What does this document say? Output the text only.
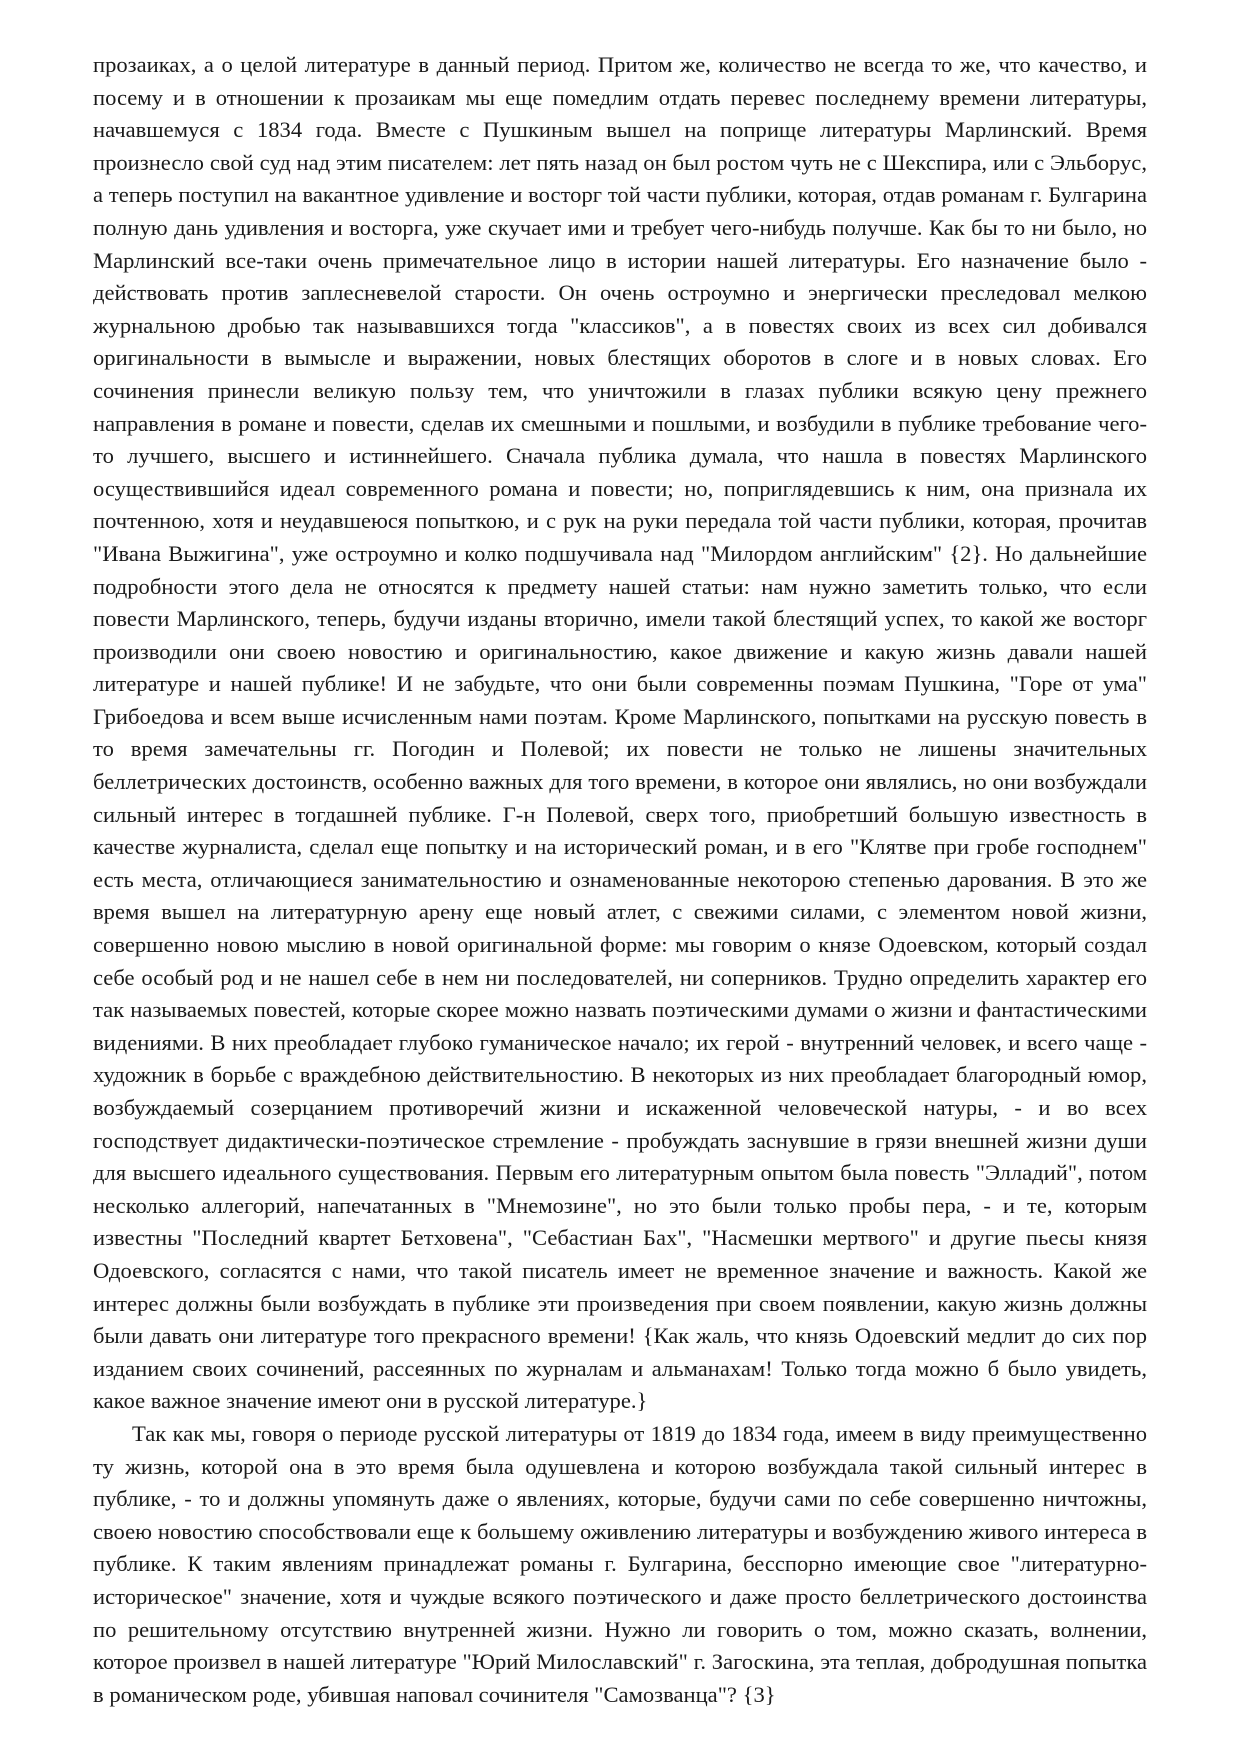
прозаиках, а о целой литературе в данный период. Притом же, количество не всегда то же, что качество, и посему и в отношении к прозаикам мы еще помедлим отдать перевес последнему времени литературы, начавшемуся с 1834 года. Вместе с Пушкиным вышел на поприще литературы Марлинский. Время произнесло свой суд над этим писателем: лет пять назад он был ростом чуть не с Шекспира, или с Эльборус, а теперь поступил на вакантное удивление и восторг той части публики, которая, отдав романам г. Булгарина полную дань удивления и восторга, уже скучает ими и требует чего-нибудь получше. Как бы то ни было, но Марлинский все-таки очень примечательное лицо в истории нашей литературы. Его назначение было - действовать против заплесневелой старости. Он очень остроумно и энергически преследовал мелкою журнальною дробью так называвшихся тогда "классиков", а в повестях своих из всех сил добивался оригинальности в вымысле и выражении, новых блестящих оборотов в слоге и в новых словах. Его сочинения принесли великую пользу тем, что уничтожили в глазах публики всякую цену прежнего направления в романе и повести, сделав их смешными и пошлыми, и возбудили в публике требование чего-то лучшего, высшего и истиннейшего. Сначала публика думала, что нашла в повестях Марлинского осуществившийся идеал современного романа и повести; но, поприглядевшись к ним, она признала их почтенною, хотя и неудавшеюся попыткою, и с рук на руки передала той части публики, которая, прочитав "Ивана Выжигина", уже остроумно и колко подшучивала над "Милордом английским" {2}. Но дальнейшие подробности этого дела не относятся к предмету нашей статьи: нам нужно заметить только, что если повести Марлинского, теперь, будучи изданы вторично, имели такой блестящий успех, то какой же восторг производили они своею новостию и оригинальностию, какое движение и какую жизнь давали нашей литературе и нашей публике! И не забудьте, что они были современны поэмам Пушкина, "Горе от ума" Грибоедова и всем выше исчисленным нами поэтам. Кроме Марлинского, попытками на русскую повесть в то время замечательны гг. Погодин и Полевой; их повести не только не лишены значительных беллетрических достоинств, особенно важных для того времени, в которое они являлись, но они возбуждали сильный интерес в тогдашней публике. Г-н Полевой, сверх того, приобретший большую известность в качестве журналиста, сделал еще попытку и на исторический роман, и в его "Клятве при гробе господнем" есть места, отличающиеся занимательностию и ознаменованные некоторою степенью дарования. В это же время вышел на литературную арену еще новый атлет, с свежими силами, с элементом новой жизни, совершенно новою мыслию в новой оригинальной форме: мы говорим о князе Одоевском, который создал себе особый род и не нашел себе в нем ни последователей, ни соперников. Трудно определить характер его так называемых повестей, которые скорее можно назвать поэтическими думами о жизни и фантастическими видениями. В них преобладает глубоко гуманическое начало; их герой - внутренний человек, и всего чаще - художник в борьбе с враждебною действительностию. В некоторых из них преобладает благородный юмор, возбуждаемый созерцанием противоречий жизни и искаженной человеческой натуры, - и во всех господствует дидактически-поэтическое стремление - пробуждать заснувшие в грязи внешней жизни души для высшего идеального существования. Первым его литературным опытом была повесть "Элладий", потом несколько аллегорий, напечатанных в "Мнемозине", но это были только пробы пера, - и те, которым известны "Последний квартет Бетховена", "Себастиан Бах", "Насмешки мертвого" и другие пьесы князя Одоевского, согласятся с нами, что такой писатель имеет не временное значение и важность. Какой же интерес должны были возбуждать в публике эти произведения при своем появлении, какую жизнь должны были давать они литературе того прекрасного времени! {Как жаль, что князь Одоевский медлит до сих пор изданием своих сочинений, рассеянных по журналам и альманахам! Только тогда можно б было увидеть, какое важное значение имеют они в русской литературе.}

Так как мы, говоря о периоде русской литературы от 1819 до 1834 года, имеем в виду преимущественно ту жизнь, которой она в это время была одушевлена и которою возбуждала такой сильный интерес в публике, - то и должны упомянуть даже о явлениях, которые, будучи сами по себе совершенно ничтожны, своею новостию способствовали еще к большему оживлению литературы и возбуждению живого интереса в публике. К таким явлениям принадлежат романы г. Булгарина, бесспорно имеющие свое "литературно-историческое" значение, хотя и чуждые всякого поэтического и даже просто беллетрического достоинства по решительному отсутствию внутренней жизни. Нужно ли говорить о том, можно сказать, волнении, которое произвел в нашей литературе "Юрий Милославский" г. Загоскина, эта теплая, добродушная попытка в романическом роде, убившая наповал сочинителя "Самозванца"? {3}
